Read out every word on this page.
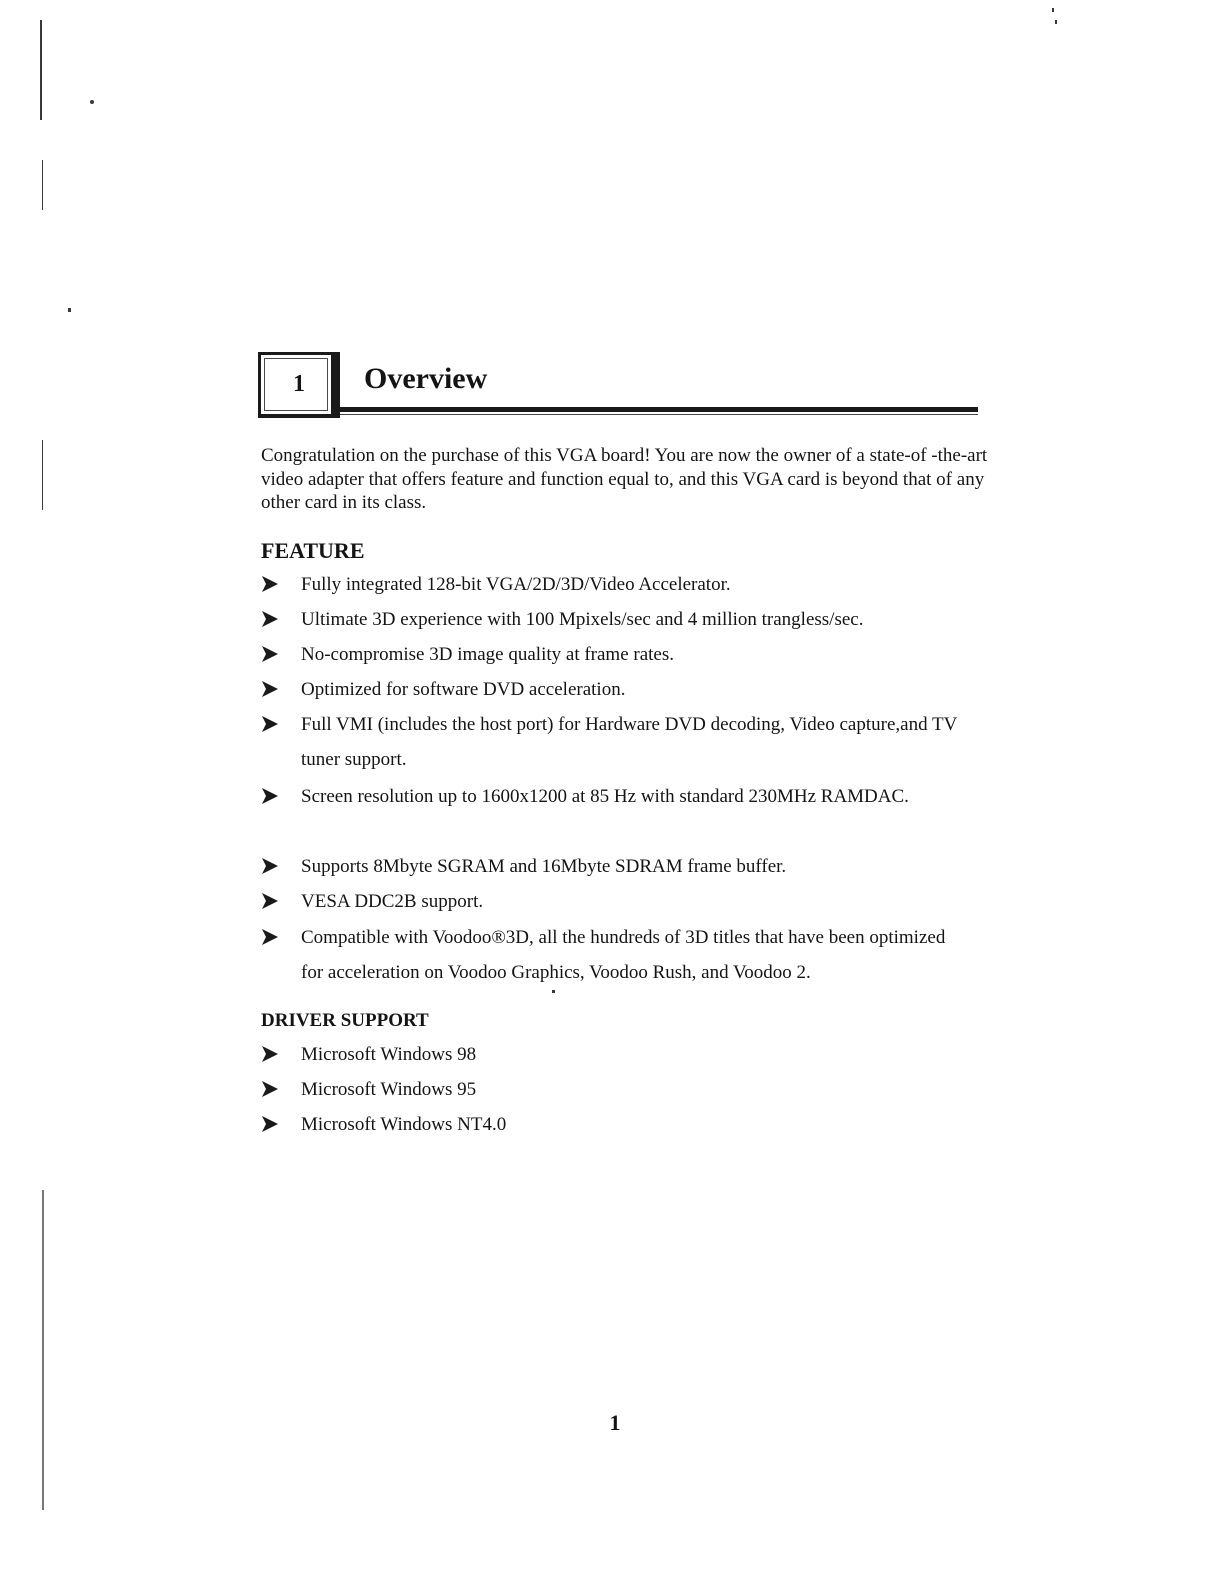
1	Overview

Congratulation on the purchase of this VGA board! You are now the owner of a state-of -the-art video adapter that offers feature and function equal to, and this VGA card is beyond that of any other card in its class.

FEATURE
Fully integrated 128-bit VGA/2D/3D/Video Accelerator.
Ultimate 3D experience with 100 Mpixels/sec and 4 million trangless/sec.
No-compromise 3D image quality at frame rates.
Optimized for software DVD acceleration.
Full VMI (includes the host port) for Hardware DVD decoding, Video capture,and TV tuner support.
Screen resolution up to 1600x1200 at 85 Hz with standard 230MHz RAMDAC.
Supports 8Mbyte SGRAM and 16Mbyte SDRAM frame buffer.
VESA DDC2B support.
Compatible with Voodoo®3D, all the hundreds of 3D titles that have been optimized for acceleration on Voodoo Graphics, Voodoo Rush, and Voodoo 2.
DRIVER SUPPORT
Microsoft Windows 98
Microsoft Windows 95
Microsoft Windows NT4.0
1
